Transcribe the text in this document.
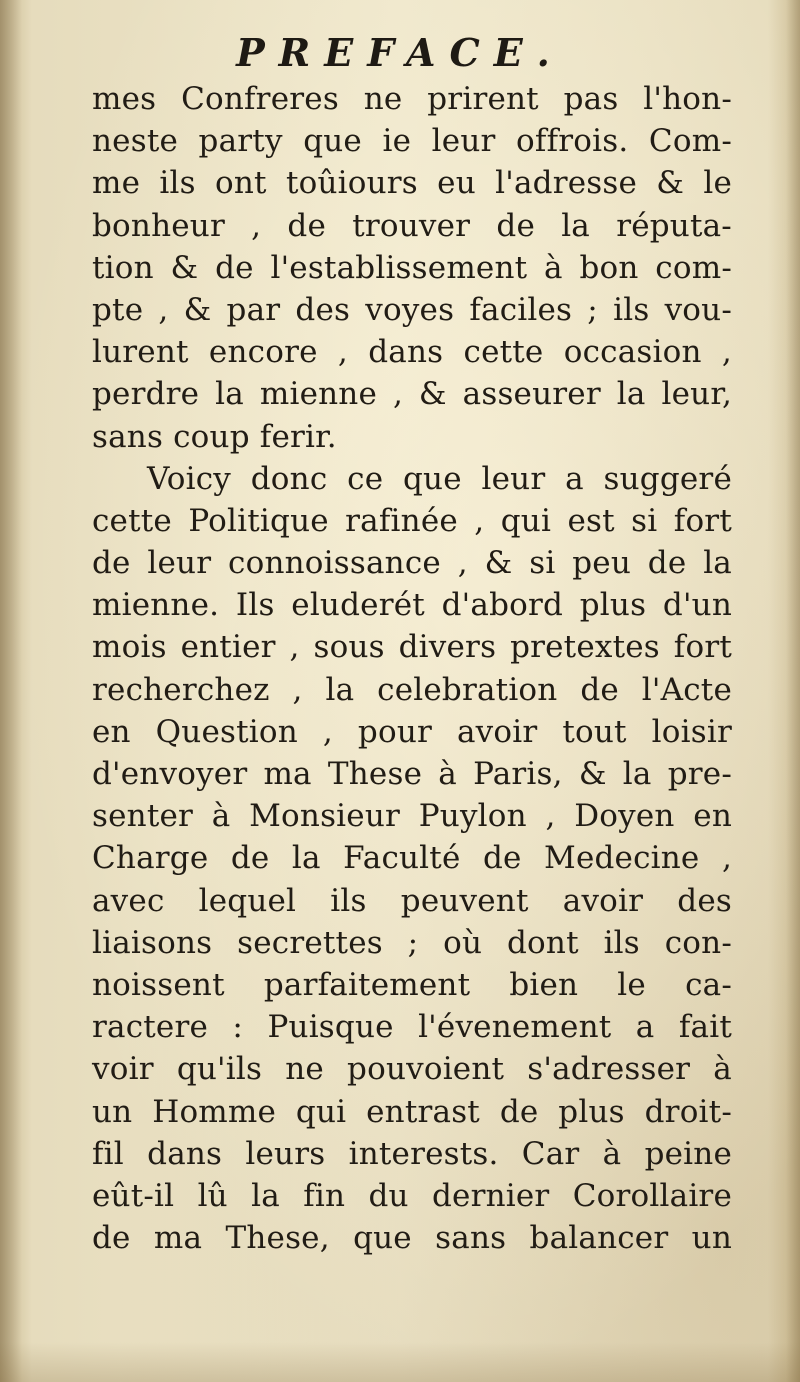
PREFACE.
mes Confreres ne prirent pas l'hon-
neste party que ie leur offrois. Com-
me ils ont toûiours eu l'adresse & le
bonheur , de trouver de la réputa-
tion & de l'establissement à bon com-
pte , & par des voyes faciles ; ils vou-
lurent encore , dans cette occasion ,
perdre la mienne , & asseurer la leur,
sans coup ferir.
Voicy donc ce que leur a suggeré
cette Politique rafinée , qui est si fort
de leur connoissance , & si peu de la
mienne. Ils eluderét d'abord plus d'un
mois entier , sous divers pretextes fort
recherchez , la celebration de l'Acte
en Question , pour avoir tout loisir
d'envoyer ma These à Paris, & la pre-
senter à Monsieur Puylon , Doyen en
Charge de la Faculté de Medecine ,
avec lequel ils peuvent avoir des
liaisons secrettes ; où dont ils con-
noissent parfaitement bien le ca-
ractere : Puisque l'évenement a fait
voir qu'ils ne pouvoient s'adresser à
un Homme qui entrast de plus droit-
fil dans leurs interests. Car à peine
eût-il lû la fin du dernier Corollaire
de ma These, que sans balancer un
